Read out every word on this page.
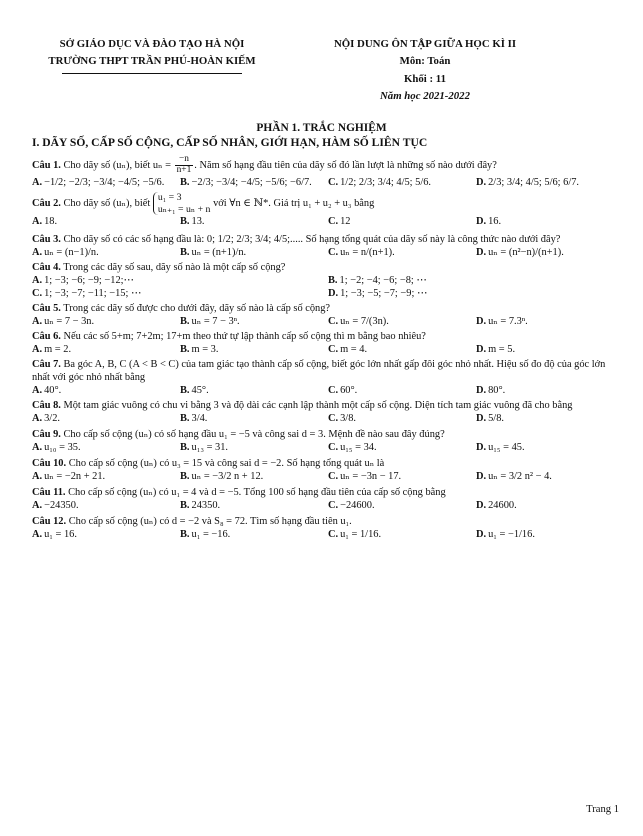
SỞ GIÁO DỤC VÀ ĐÀO TẠO HÀ NỘI
TRƯỜNG THPT TRẦN PHÚ-HOÀN KIẾM
NỘI DUNG ÔN TẬP GIỮA HỌC KÌ II
Môn: Toán
Khối : 11
Năm học 2021-2022
PHẦN 1. TRẮC NGHIỆM
I. DÃY SỐ, CẤP SỐ CỘNG, CẤP SỐ NHÂN, GIỚI HẠN, HÀM SỐ LIÊN TỤC
Câu 1. Cho dãy số (uₙ), biết $u_n = \frac{-n}{n+1}$ . Năm số hạng đầu tiên của dãy số đó lần lượt là những số nào dưới đây?
A. −1/2; −2/3; −3/4; −4/5; −5/6.	B. −2/3; −3/4; −4/5; −5/6; −6/7.	C. 1/2; 2/3; 3/4; 4/5; 5/6.	D. 2/3; 3/4; 4/5; 5/6; 6/7.
Câu 2. Cho dãy số (uₙ), biết
u₁ = 3
uₙ₊₁ = uₙ + n
với ∀n ∈ ℕ*. Giá trị u₁ + u₂ + u₃ bằng
A. 18.	B. 13.	C. 12	D. 16.
Câu 3. Cho dãy số có các số hạng đầu là: 0; 1/2; 2/3; 3/4; 4/5;..... Số hạng tổng quát của dãy số này là công thức nào dưới đây?
A. uₙ = (n−1)/n.	B. uₙ = (n+1)/n.	C. uₙ = n/(n+1).	D. uₙ = (n²−n)/(n+1).
Câu 4. Trong các dãy số sau, dãy số nào là một cấp số cộng?
A. 1; −3; −6; −9; −12;⋯	B. 1; −2; −4; −6; −8; ⋯
C. 1; −3; −7; −11; −15; ⋯	D. 1; −3; −5; −7; −9; ⋯
Câu 5. Trong các dãy số được cho dưới đây, dãy số nào là cấp số cộng?
A. uₙ = 7 − 3n.	B. uₙ = 7 − 3ⁿ.	C. uₙ = 7/(3n).	D. uₙ = 7.3ⁿ.
Câu 6. Nếu các số 5+m; 7+2m; 17+m theo thứ tự lập thành cấp số cộng thì m bằng bao nhiêu?
A. m = 2.	B. m = 3.	C. m = 4.	D. m = 5.
Câu 7. Ba góc A, B, C (A < B < C) của tam giác tạo thành cấp số cộng, biết góc lớn nhất gấp đôi góc nhỏ nhất. Hiệu số đo độ của góc lớn nhất với góc nhỏ nhất bằng
A. 40°.	B. 45°.	C. 60°.	D. 80°.
Câu 8. Một tam giác vuông có chu vi bằng 3 và độ dài các cạnh lập thành một cấp số cộng. Diện tích tam giác vuông đã cho bằng
A. 3/2.	B. 3/4.	C. 3/8.	D. 5/8.
Câu 9. Cho cấp số cộng (uₙ) có số hạng đầu u₁ = −5 và công sai d = 3. Mệnh đề nào sau đây đúng?
A. u₁₀ = 35.	B. u₁₃ = 31.	C. u₁₅ = 34.	D. u₁₅ = 45.
Câu 10. Cho cấp số cộng (uₙ) có u₃ = 15 và công sai d = −2. Số hạng tổng quát uₙ là
A. uₙ = −2n + 21.	B. uₙ = −3/2 n + 12.	C. uₙ = −3n − 17.	D. uₙ = 3/2 n² − 4.
Câu 11. Cho cấp số cộng (uₙ) có u₁ = 4 và d = −5. Tổng 100 số hạng đầu tiên của cấp số cộng bằng
A. −24350.	B. 24350.	C. −24600.	D. 24600.
Câu 12. Cho cấp số cộng (uₙ) có d = −2 và S₈ = 72. Tìm số hạng đầu tiên u₁.
A. u₁ = 16.	B. u₁ = −16.	C. u₁ = 1/16.	D. u₁ = −1/16.
Trang 1
